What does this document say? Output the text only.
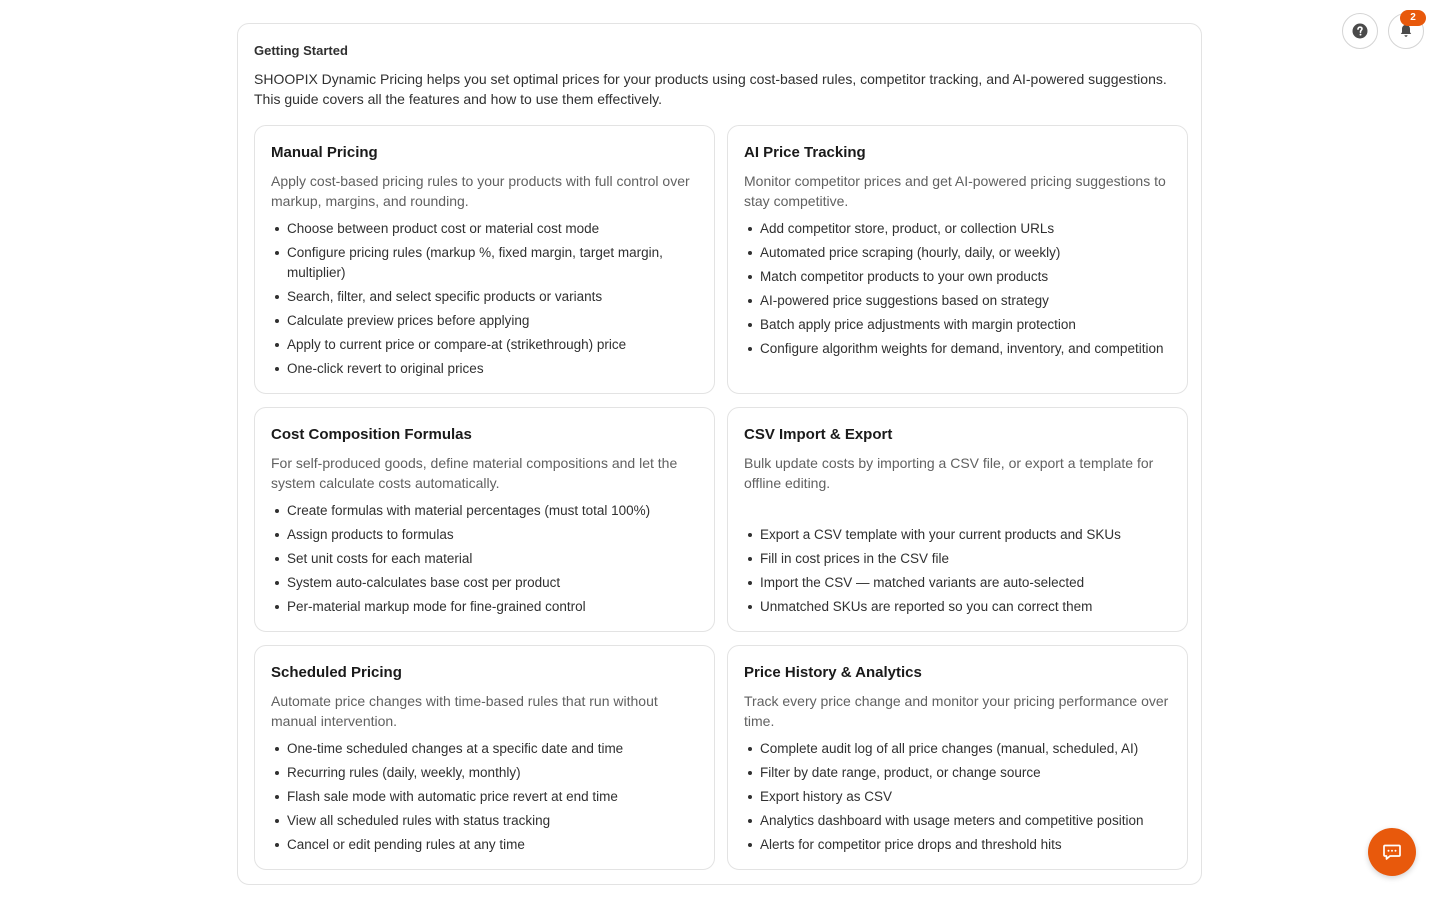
Getting Started
SHOOPIX Dynamic Pricing helps you set optimal prices for your products using cost-based rules, competitor tracking, and AI-powered suggestions. This guide covers all the features and how to use them effectively.
Manual Pricing

Apply cost-based pricing rules to your products with full control over markup, margins, and rounding.

Choose between product cost or material cost mode
Configure pricing rules (markup %, fixed margin, target margin, multiplier)
Search, filter, and select specific products or variants
Calculate preview prices before applying
Apply to current price or compare-at (strikethrough) price
One-click revert to original prices
AI Price Tracking

Monitor competitor prices and get AI-powered pricing suggestions to stay competitive.

Add competitor store, product, or collection URLs
Automated price scraping (hourly, daily, or weekly)
Match competitor products to your own products
AI-powered price suggestions based on strategy
Batch apply price adjustments with margin protection
Configure algorithm weights for demand, inventory, and competition
Cost Composition Formulas

For self-produced goods, define material compositions and let the system calculate costs automatically.

Create formulas with material percentages (must total 100%)
Assign products to formulas
Set unit costs for each material
System auto-calculates base cost per product
Per-material markup mode for fine-grained control
CSV Import & Export

Bulk update costs by importing a CSV file, or export a template for offline editing.

Export a CSV template with your current products and SKUs
Fill in cost prices in the CSV file
Import the CSV — matched variants are auto-selected
Unmatched SKUs are reported so you can correct them
Scheduled Pricing

Automate price changes with time-based rules that run without manual intervention.

One-time scheduled changes at a specific date and time
Recurring rules (daily, weekly, monthly)
Flash sale mode with automatic price revert at end time
View all scheduled rules with status tracking
Cancel or edit pending rules at any time
Price History & Analytics

Track every price change and monitor your pricing performance over time.

Complete audit log of all price changes (manual, scheduled, AI)
Filter by date range, product, or change source
Export history as CSV
Analytics dashboard with usage meters and competitive position
Alerts for competitor price drops and threshold hits
2
